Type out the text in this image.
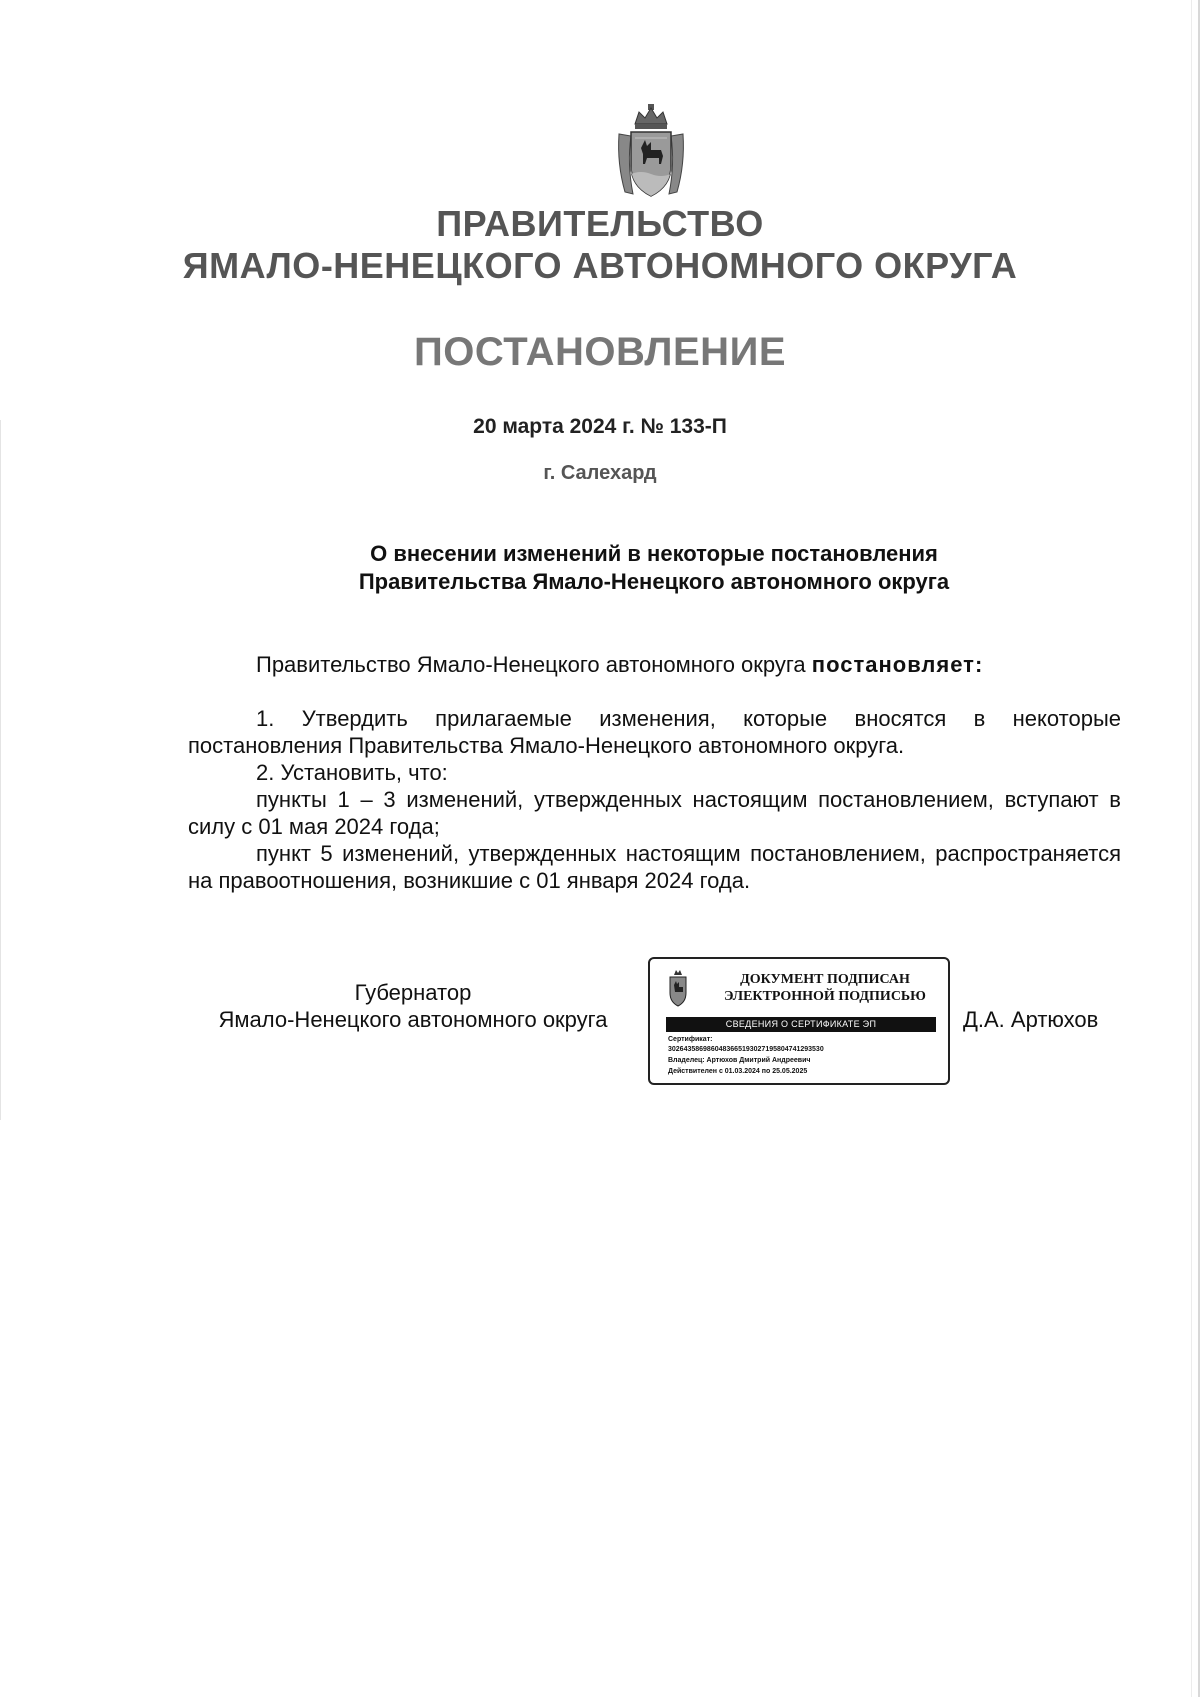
ПРАВИТЕЛЬСТВО
ЯМАЛО-НЕНЕЦКОГО АВТОНОМНОГО ОКРУГА
ПОСТАНОВЛЕНИЕ
20 марта 2024 г. № 133-П
г. Салехард
О внесении изменений в некоторые постановления
Правительства Ямало-Ненецкого автономного округа
Правительство Ямало-Ненецкого автономного округа постановляет:

1. Утвердить прилагаемые изменения, которые вносятся в некоторые постановления Правительства Ямало-Ненецкого автономного округа.

2. Установить, что:

пункты 1 – 3 изменений, утвержденных настоящим постановлением, вступают в силу с 01 мая 2024 года;

пункт 5 изменений, утвержденных настоящим постановлением, распространяется на правоотношения, возникшие с 01 января 2024 года.

Губернатор
Ямало-Ненецкого автономного округа
ДОКУМЕНТ ПОДПИСАН
ЭЛЕКТРОННОЙ ПОДПИСЬЮ
СВЕДЕНИЯ О СЕРТИФИКАТЕ ЭП
Сертификат:
3026435869860483665193027195804741293530
Владелец: Артюхов Дмитрий Андреевич
Действителен с 01.03.2024 по 25.05.2025
Д.А. Артюхов
